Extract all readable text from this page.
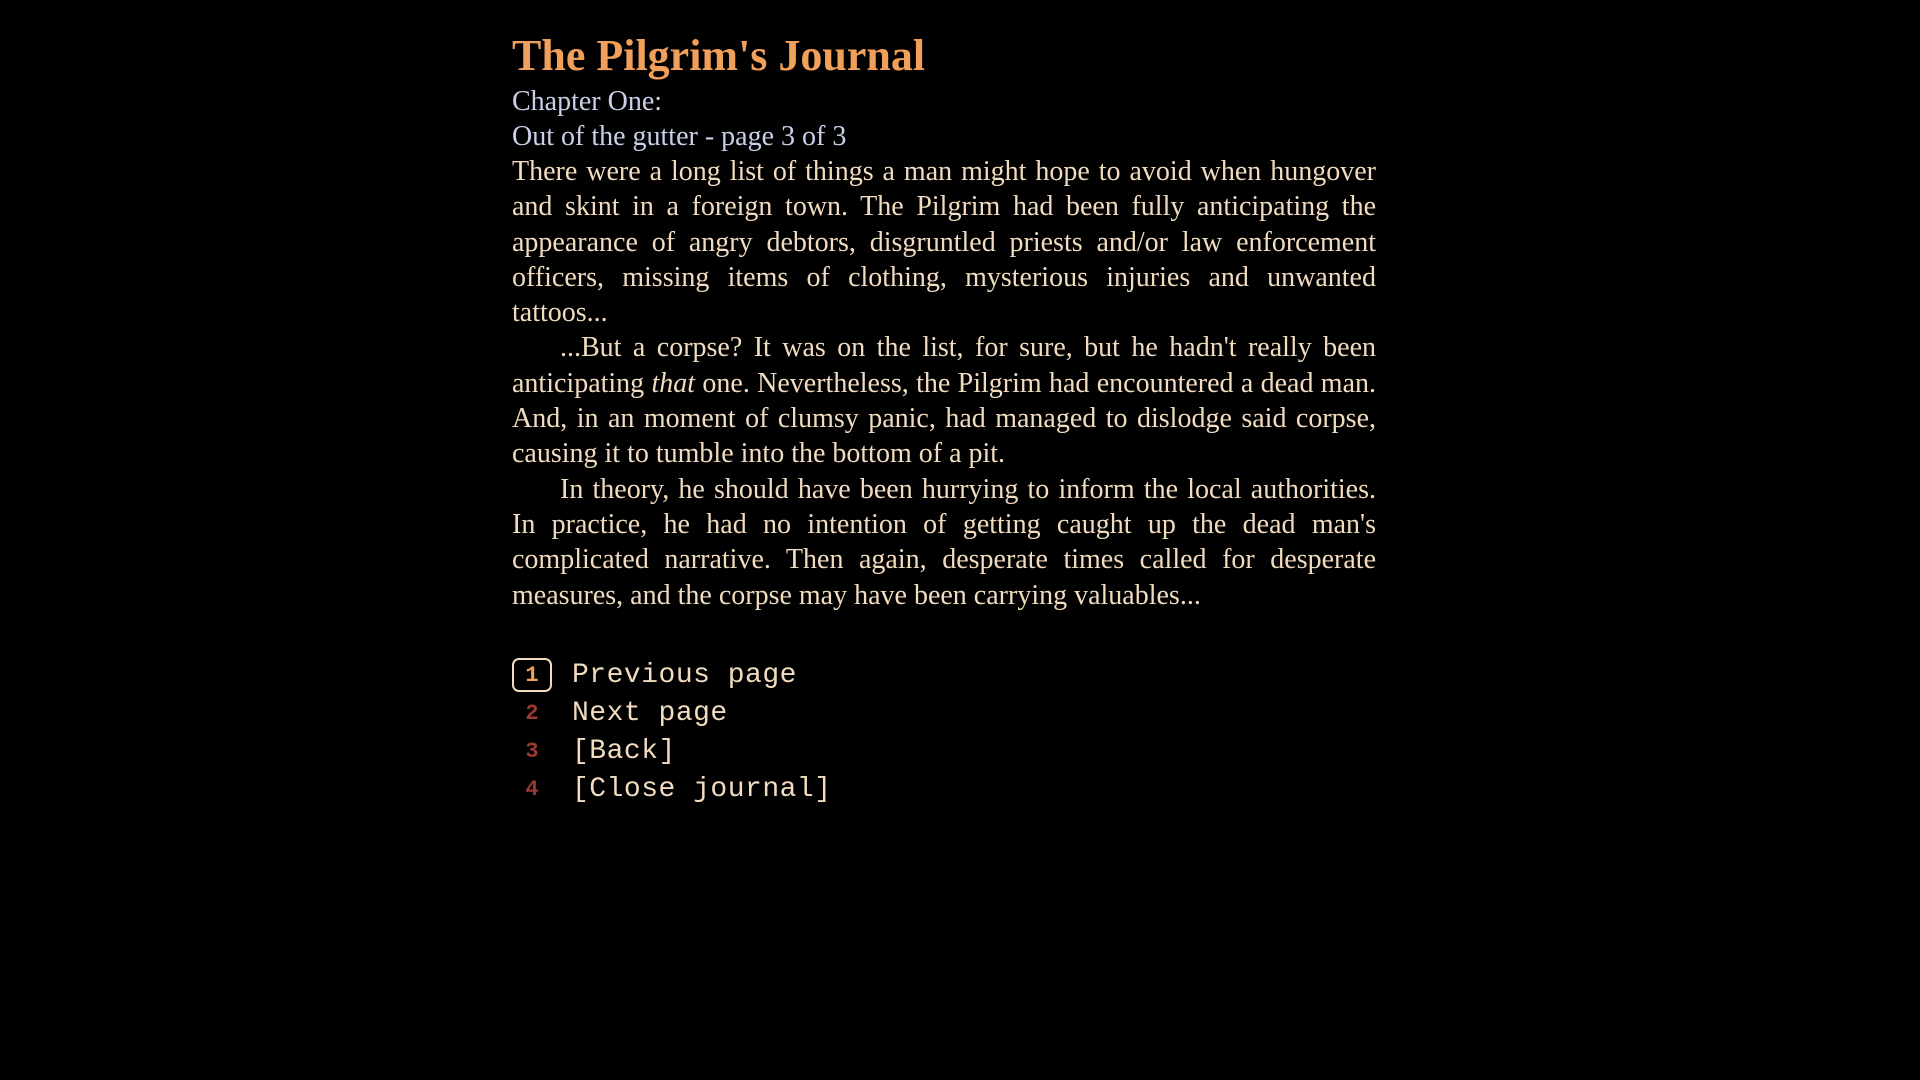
The Pilgrim's Journal
Chapter One:
Out of the gutter - page 3 of 3

There were a long list of things a man might hope to avoid when hungover and skint in a foreign town. The Pilgrim had been fully anticipating the appearance of angry debtors, disgruntled priests and/or law enforcement officers, missing items of clothing, mysterious injuries and unwanted tattoos...

...But a corpse? It was on the list, for sure, but he hadn't really been anticipating that one. Nevertheless, the Pilgrim had encountered a dead man. And, in an moment of clumsy panic, had managed to dislodge said corpse, causing it to tumble into the bottom of a pit.

In theory, he should have been hurrying to inform the local authorities. In practice, he had no intention of getting caught up the dead man's complicated narrative. Then again, desperate times called for desperate measures, and the corpse may have been carrying valuables...

1	Previous page
2	Next page
3	[Back]
4	[Close journal]
